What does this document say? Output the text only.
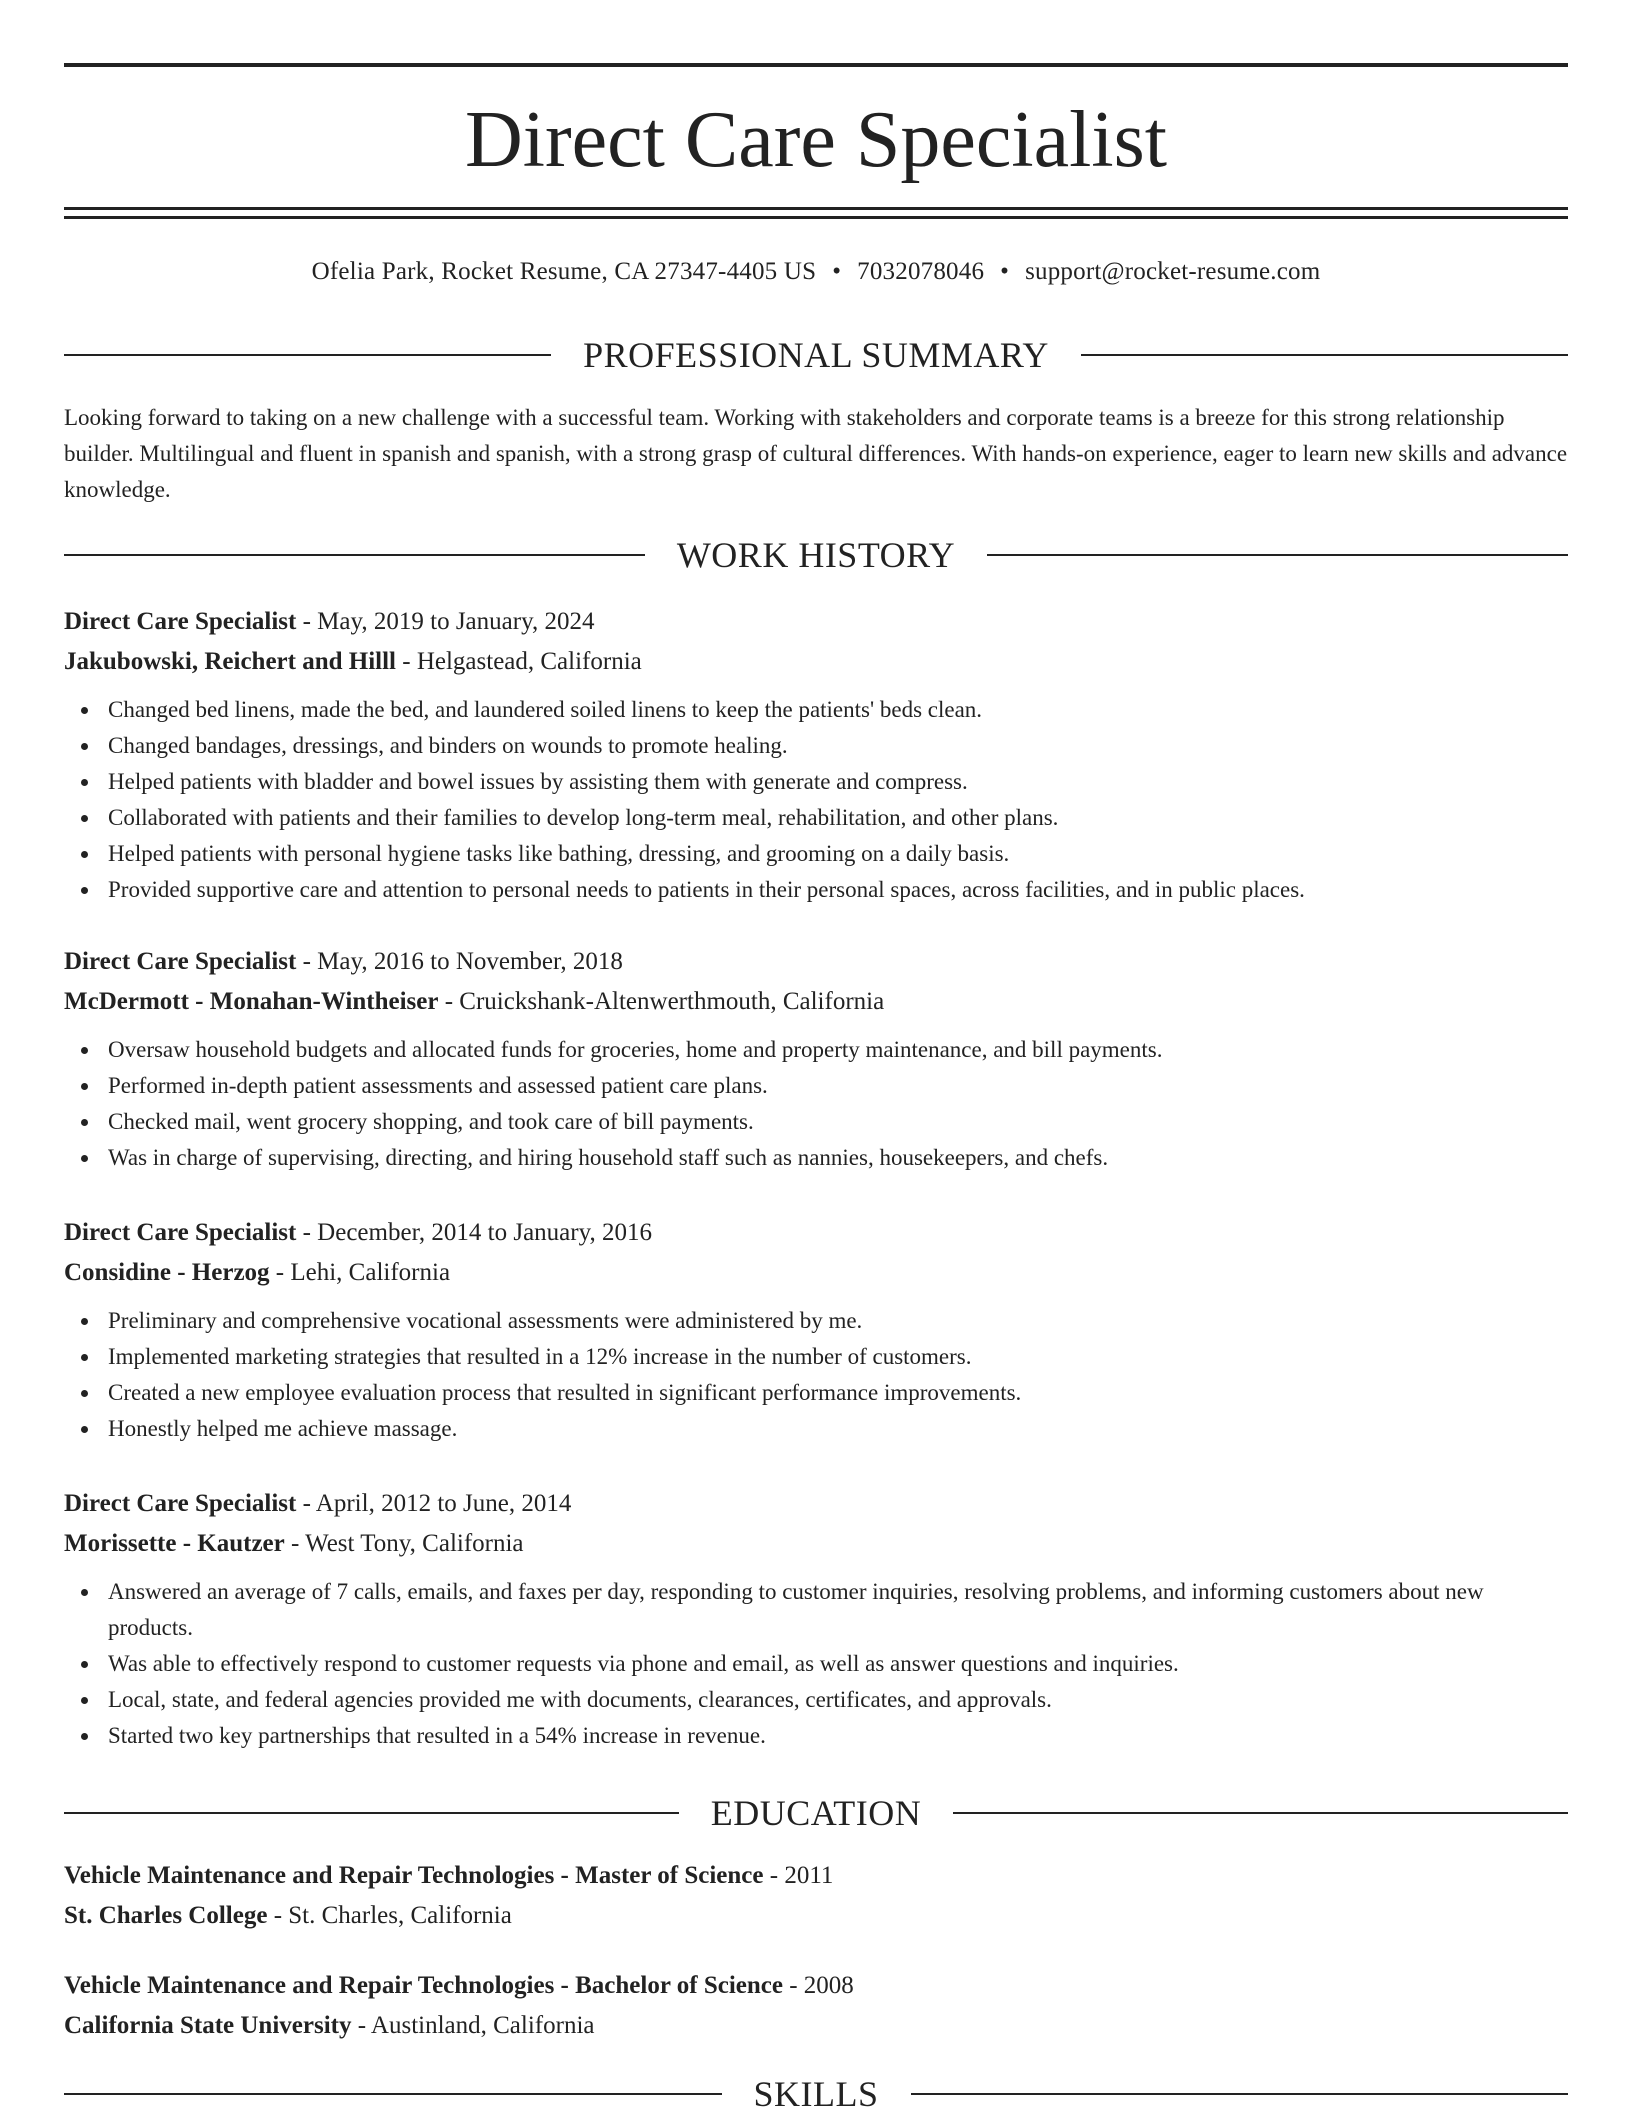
Direct Care Specialist
Ofelia Park, Rocket Resume, CA 27347-4405 US • 7032078046 • support@rocket-resume.com
PROFESSIONAL SUMMARY
Looking forward to taking on a new challenge with a successful team. Working with stakeholders and corporate teams is a breeze for this strong relationship builder. Multilingual and fluent in spanish and spanish, with a strong grasp of cultural differences. With hands-on experience, eager to learn new skills and advance knowledge.
WORK HISTORY
Direct Care Specialist - May, 2019 to January, 2024
Jakubowski, Reichert and Hilll - Helgastead, California
Changed bed linens, made the bed, and laundered soiled linens to keep the patients' beds clean.
Changed bandages, dressings, and binders on wounds to promote healing.
Helped patients with bladder and bowel issues by assisting them with generate and compress.
Collaborated with patients and their families to develop long-term meal, rehabilitation, and other plans.
Helped patients with personal hygiene tasks like bathing, dressing, and grooming on a daily basis.
Provided supportive care and attention to personal needs to patients in their personal spaces, across facilities, and in public places.
Direct Care Specialist - May, 2016 to November, 2018
McDermott - Monahan-Wintheiser - Cruickshank-Altenwerthmouth, California
Oversaw household budgets and allocated funds for groceries, home and property maintenance, and bill payments.
Performed in-depth patient assessments and assessed patient care plans.
Checked mail, went grocery shopping, and took care of bill payments.
Was in charge of supervising, directing, and hiring household staff such as nannies, housekeepers, and chefs.
Direct Care Specialist - December, 2014 to January, 2016
Considine - Herzog - Lehi, California
Preliminary and comprehensive vocational assessments were administered by me.
Implemented marketing strategies that resulted in a 12% increase in the number of customers.
Created a new employee evaluation process that resulted in significant performance improvements.
Honestly helped me achieve massage.
Direct Care Specialist - April, 2012 to June, 2014
Morissette - Kautzer - West Tony, California
Answered an average of 7 calls, emails, and faxes per day, responding to customer inquiries, resolving problems, and informing customers about new products.
Was able to effectively respond to customer requests via phone and email, as well as answer questions and inquiries.
Local, state, and federal agencies provided me with documents, clearances, certificates, and approvals.
Started two key partnerships that resulted in a 54% increase in revenue.
EDUCATION
Vehicle Maintenance and Repair Technologies - Master of Science - 2011
St. Charles College - St. Charles, California
Vehicle Maintenance and Repair Technologies - Bachelor of Science - 2008
California State University - Austinland, California
SKILLS
